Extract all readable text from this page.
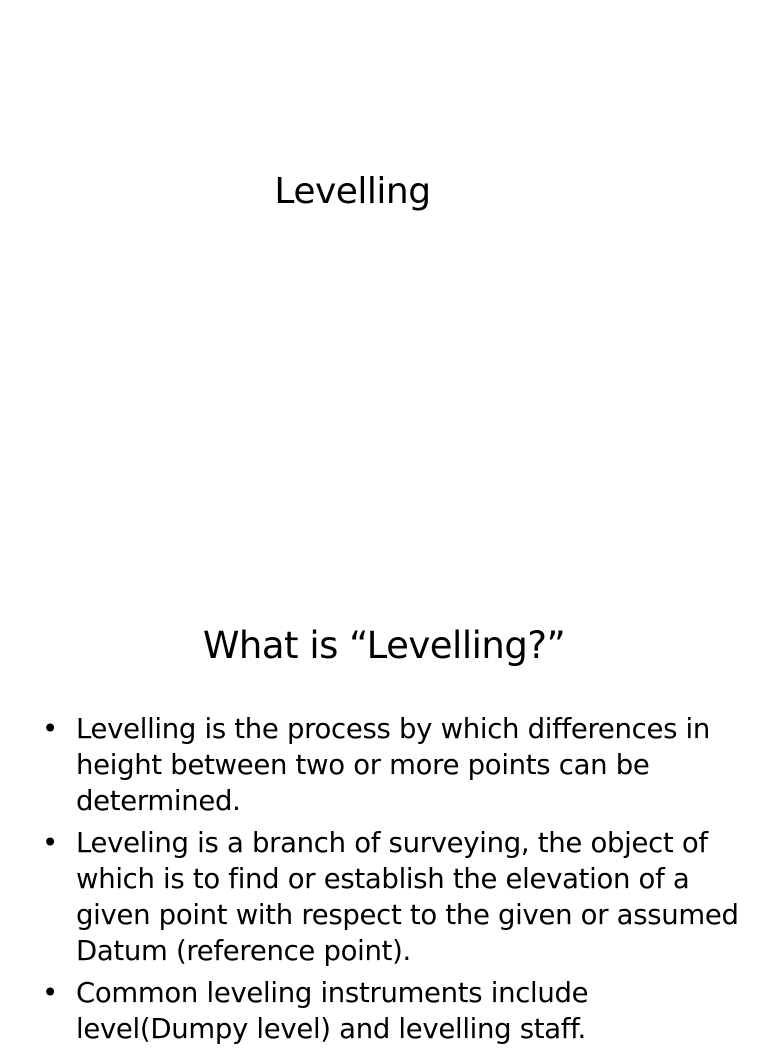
Levelling
What is “Levelling?”
• Levelling is the process by which differences in height between two or more points can be determined.
• Leveling is a branch of surveying, the object of which is to find or establish the elevation of a given point with respect to the given or assumed Datum (reference point).
• Common leveling instruments include level(Dumpy level) and levelling staff.
